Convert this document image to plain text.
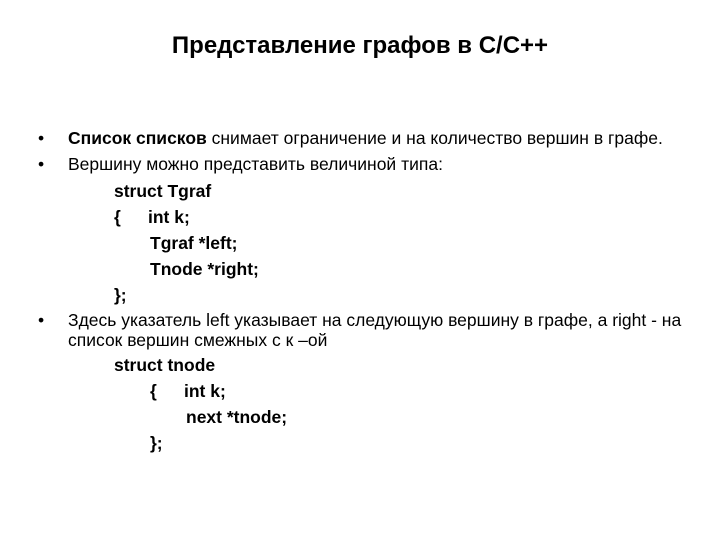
Представление графов в С/С++
•	Список списков снимает ограничение и на количество вершин в графе.
•	Вершину можно представить величиной типа:
struct Tgraf
{ int k;
Tgraf *left;
Tnode *right;
};
•	Здесь указатель left указывает на следующую вершину в графе, а right - на список вершин смежных с к –ой
struct tnode
{ int k;
next *tnode;
};
